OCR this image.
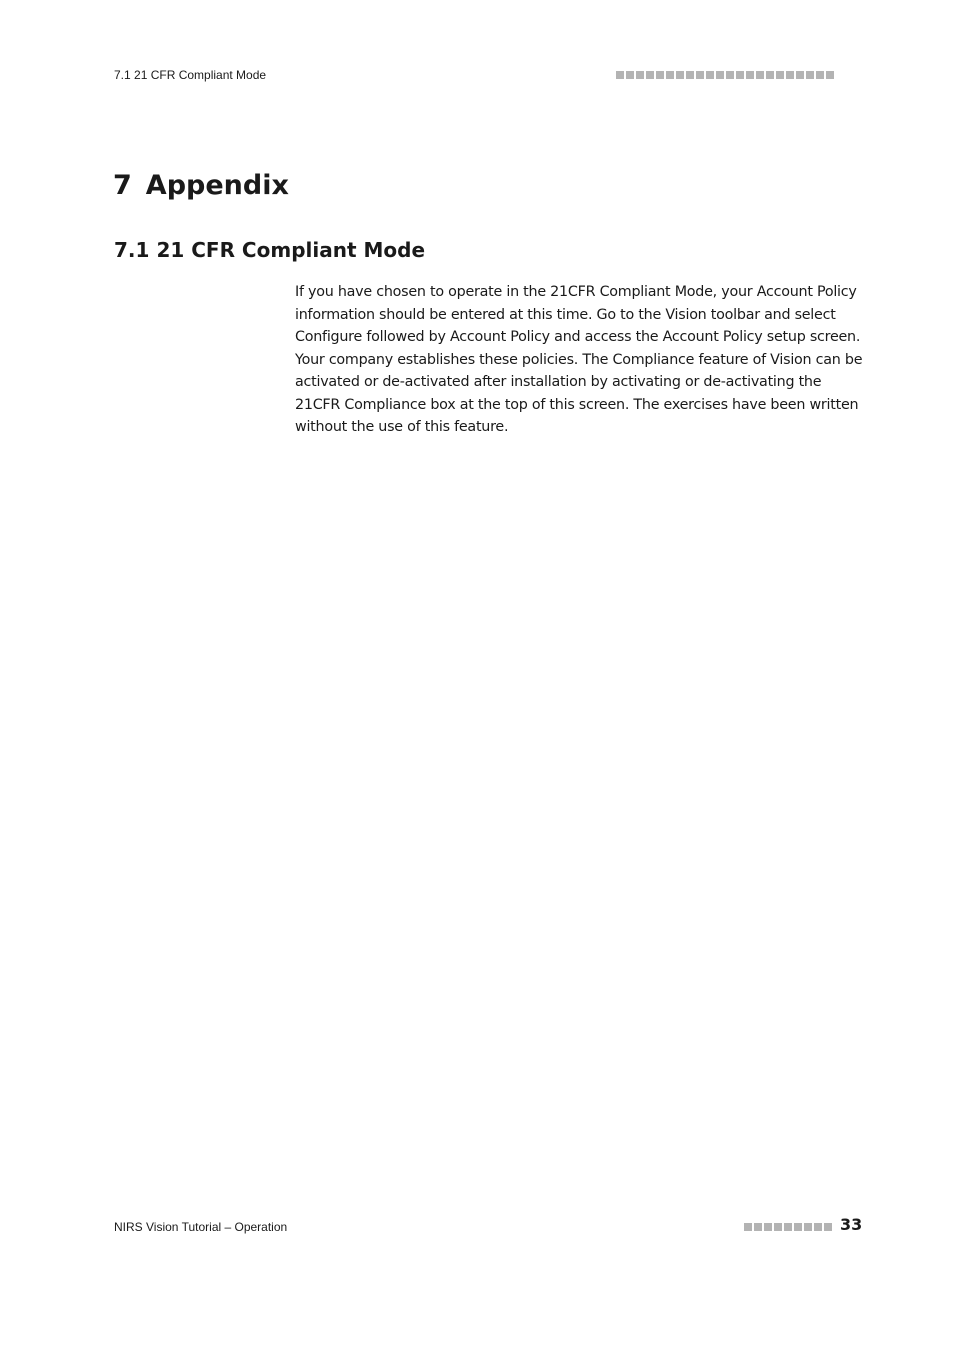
7.1 21 CFR Compliant Mode
7 Appendix
7.1 21 CFR Compliant Mode

If you have chosen to operate in the 21CFR Compliant Mode, your Account Policy information should be entered at this time. Go to the Vision toolbar and select Configure followed by Account Policy and access the Account Policy setup screen. Your company establishes these policies. The Compliance feature of Vision can be activated or de-activated after installation by activating or de-activating the 21CFR Compliance box at the top of this screen. The exercises have been written without the use of this feature.

NIRS Vision Tutorial – Operation	33
